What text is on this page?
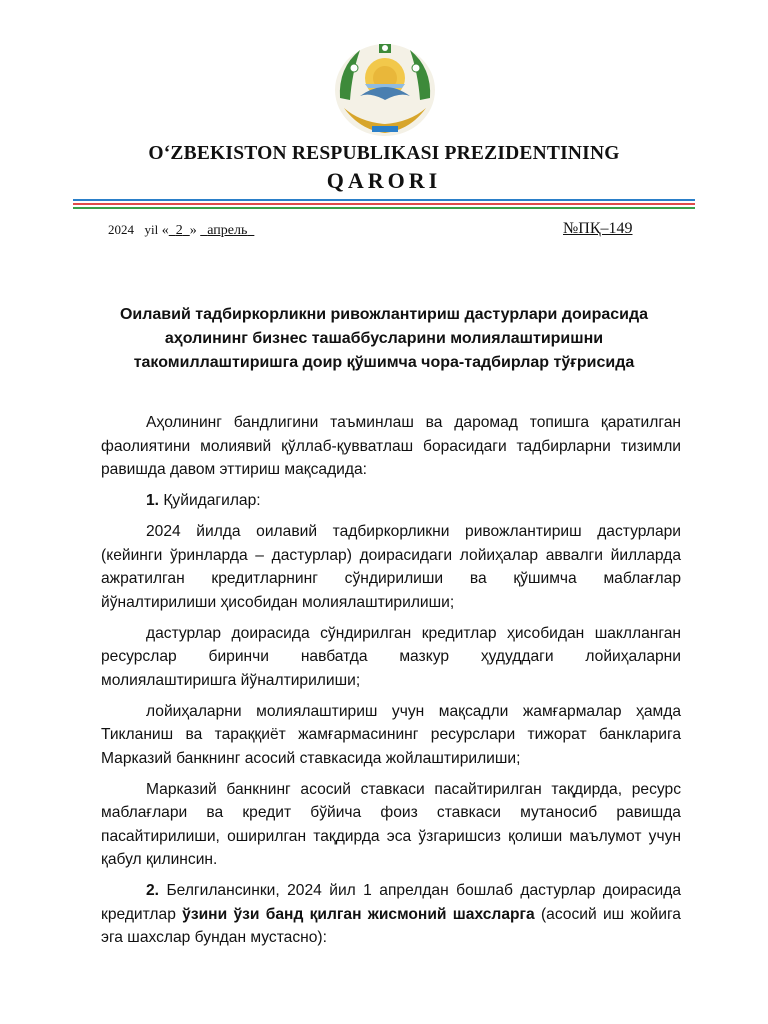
O‘ZBEKISTON RESPUBLIKASI PREZIDENTINING
QARORI
2024 yil « 2 » апрель	№ПҚ–149
Оилавий тадбиркорликни ривожлантириш дастурлари доирасида
аҳолининг бизнес ташаббусларини молиялаштиришни
такомиллаштиришга доир қўшимча чора-тадбирлар тўғрисида

Аҳолининг бандлигини таъминлаш ва даромад топишга қаратилган фаолиятини молиявий қўллаб-қувватлаш борасидаги тадбирларни тизимли равишда давом эттириш мақсадида:

1. Қуйидагилар:

2024 йилда оилавий тадбиркорликни ривожлантириш дастурлари (кейинги ўринларда – дастурлар) доирасидаги лойиҳалар аввалги йилларда ажратилган кредитларнинг сўндирилиши ва қўшимча маблағлар йўналтирилиши ҳисобидан молиялаштирилиши;

дастурлар доирасида сўндирилган кредитлар ҳисобидан шаклланган ресурслар биринчи навбатда мазкур ҳудуддаги лойиҳаларни молиялаштиришга йўналтирилиши;

лойиҳаларни молиялаштириш учун мақсадли жамғармалар ҳамда Тикланиш ва тараққиёт жамғармасининг ресурслари тижорат банкларига Марказий банкнинг асосий ставкасида жойлаштирилиши;

Марказий банкнинг асосий ставкаси пасайтирилган тақдирда, ресурс маблағлари ва кредит бўйича фоиз ставкаси мутаносиб равишда пасайтирилиши, оширилган тақдирда эса ўзгаришсиз қолиши маълумот учун қабул қилинсин.

2. Белгилансинки, 2024 йил 1 апрелдан бошлаб дастурлар доирасида кредитлар ўзини ўзи банд қилган жисмоний шахсларга (асосий иш жойига эга шахслар бундан мустасно):
